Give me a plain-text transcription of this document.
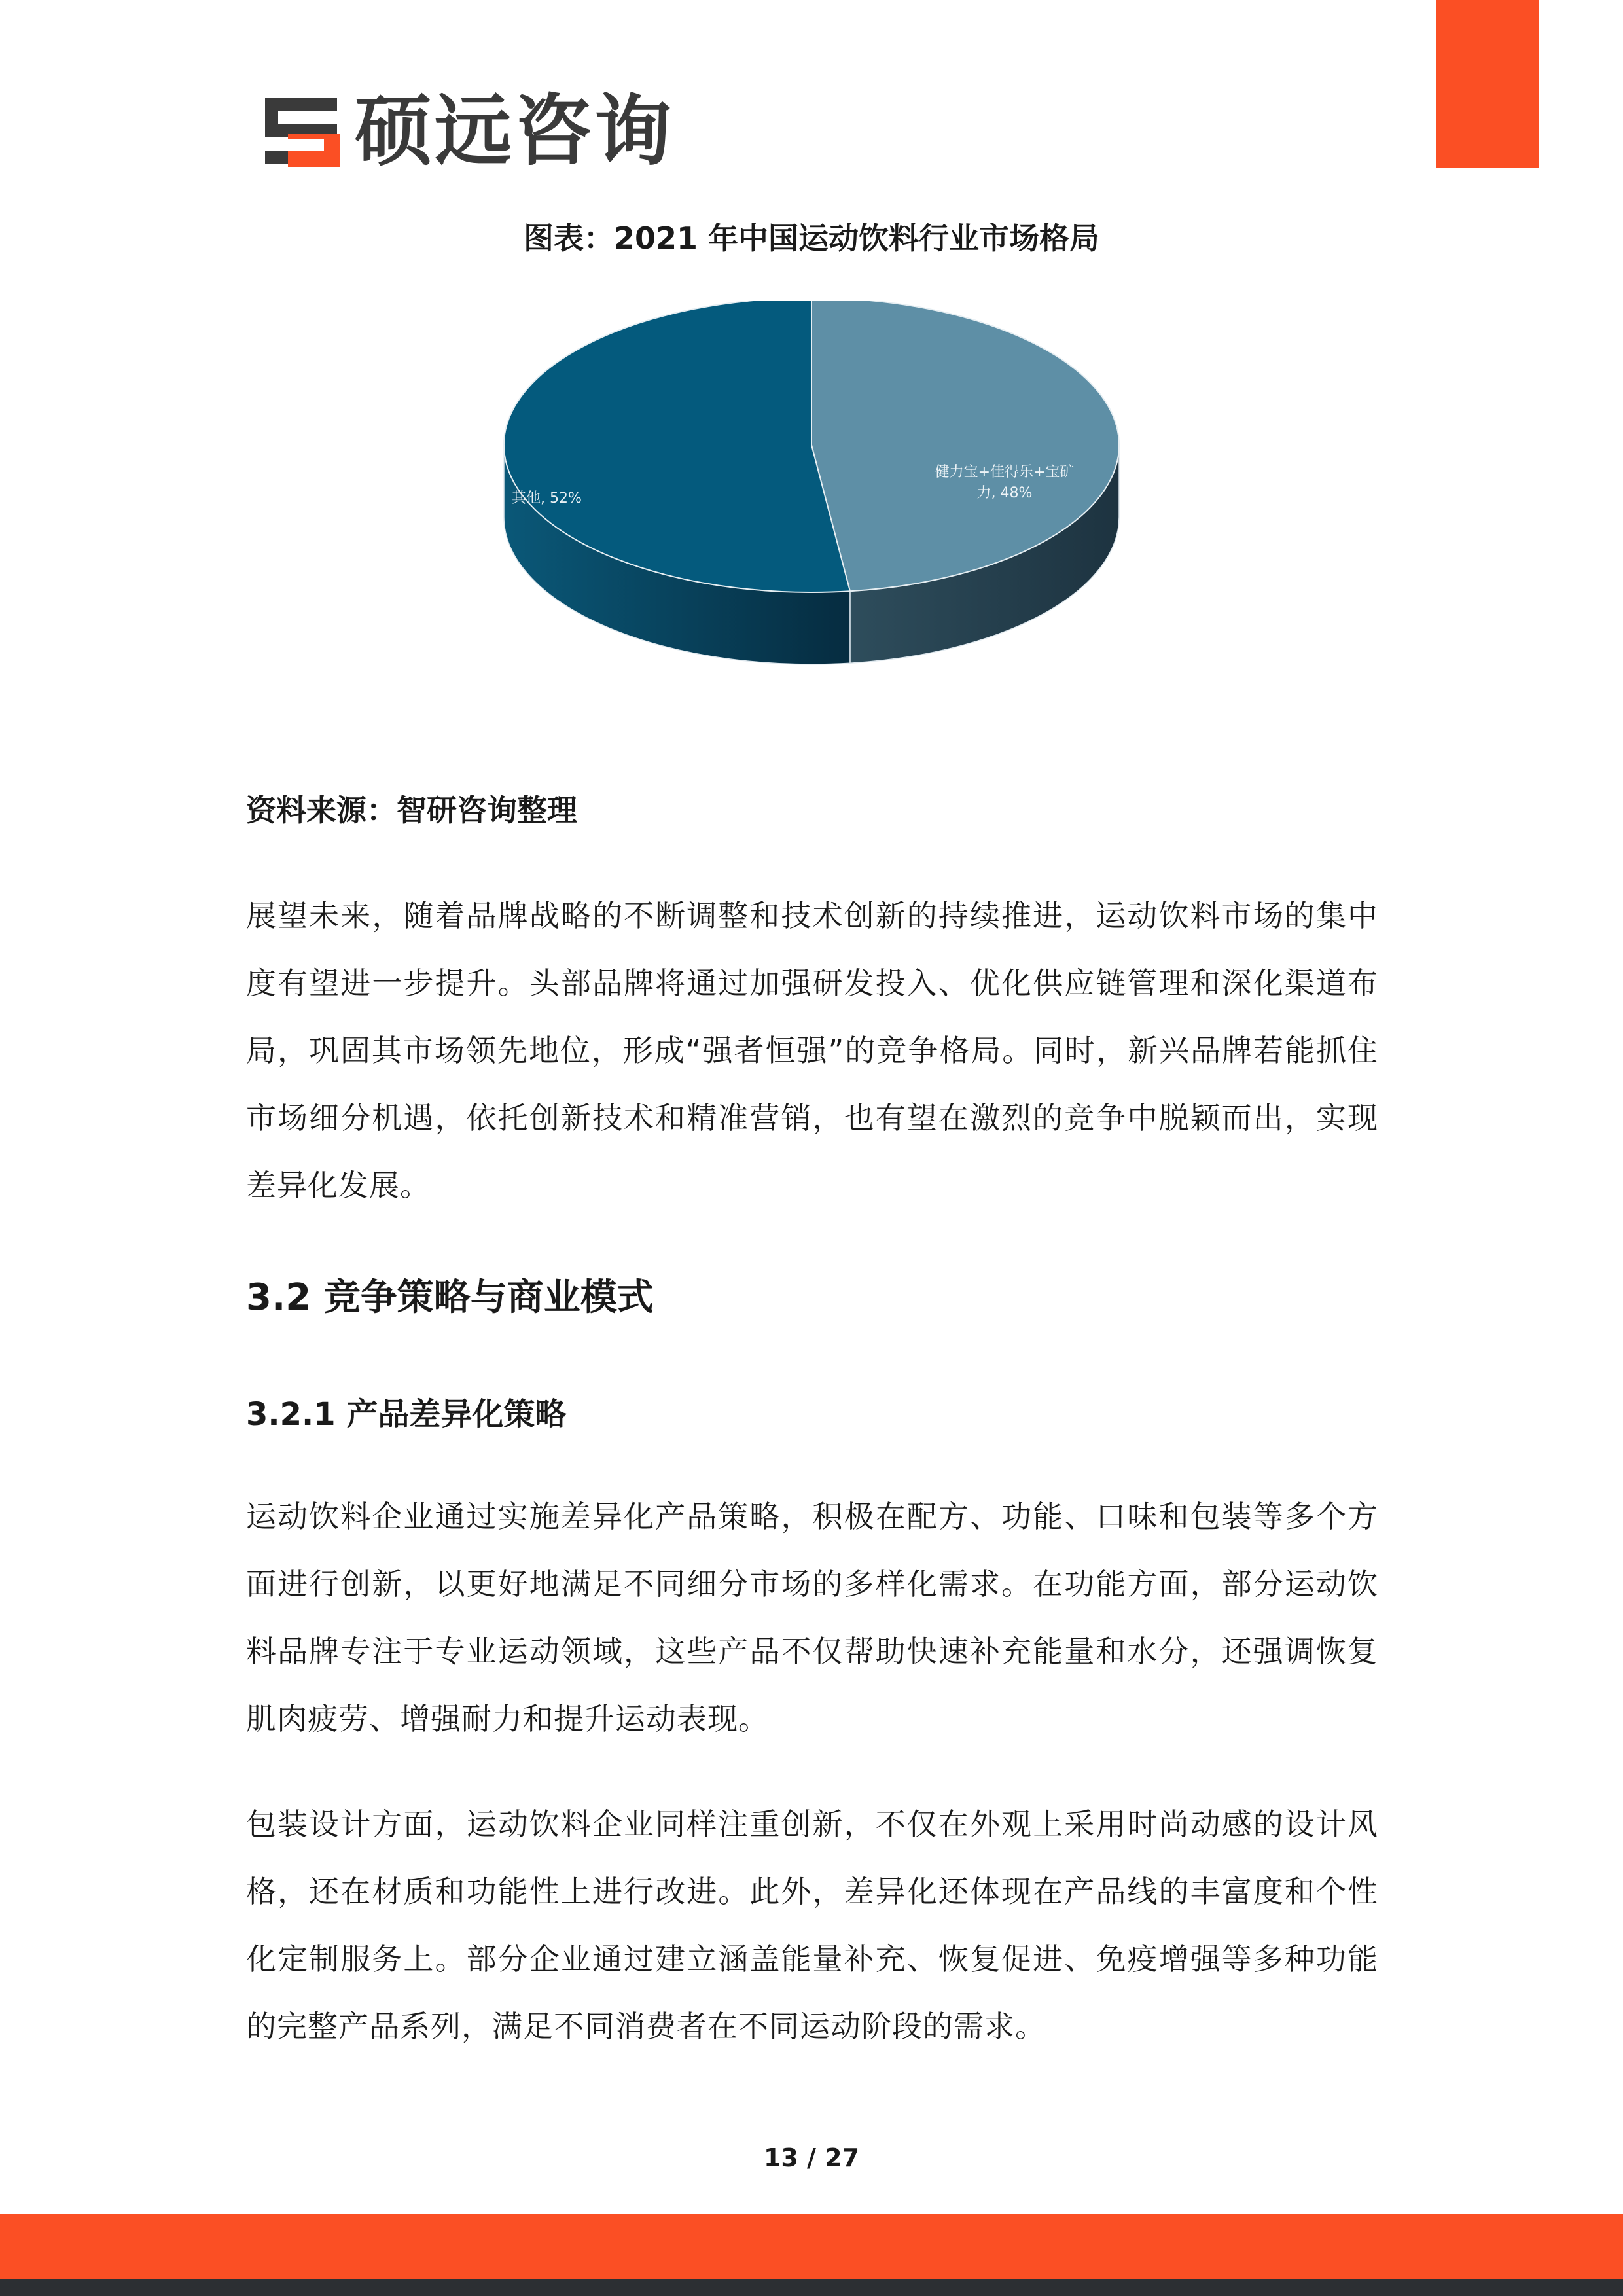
硕远咨询
图表：2021 年中国运动饮料行业市场格局
其他, 52%
健力宝+佳得乐+宝矿
力, 48%
资料来源：智研咨询整理
展望未来，随着品牌战略的不断调整和技术创新的持续推进，运动饮料市场的集中度有望进一步提升。头部品牌将通过加强研发投入、优化供应链管理和深化渠道布局，巩固其市场领先地位，形成“强者恒强”的竞争格局。同时，新兴品牌若能抓住市场细分机遇，依托创新技术和精准营销，也有望在激烈的竞争中脱颖而出，实现差异化发展。
3.2 竞争策略与商业模式
3.2.1 产品差异化策略
运动饮料企业通过实施差异化产品策略，积极在配方、功能、口味和包装等多个方面进行创新，以更好地满足不同细分市场的多样化需求。在功能方面，部分运动饮料品牌专注于专业运动领域，这些产品不仅帮助快速补充能量和水分，还强调恢复肌肉疲劳、增强耐力和提升运动表现。
包装设计方面，运动饮料企业同样注重创新，不仅在外观上采用时尚动感的设计风格，还在材质和功能性上进行改进。此外，差异化还体现在产品线的丰富度和个性化定制服务上。部分企业通过建立涵盖能量补充、恢复促进、免疫增强等多种功能的完整产品系列，满足不同消费者在不同运动阶段的需求。
13 / 27
